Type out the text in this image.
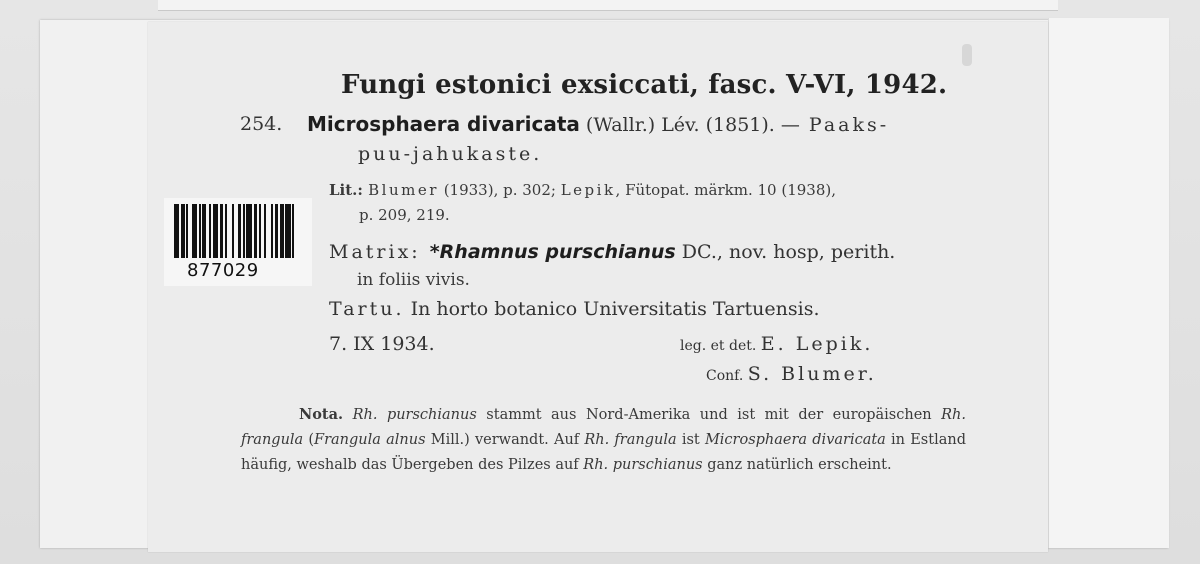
Fungi estonici exsiccati, fasc. V-VI, 1942.
254. Microsphaera divaricata (Wallr.) Lév. (1851). — Paaks-
puu-jahukaste.
Lit.: Blumer (1933), p. 302; Lepik, Fütopat. märkm. 10 (1938),
p. 209, 219.
Matrix: *Rhamnus purschianus DC., nov. hosp, perith.
in foliis vivis.
Tartu. In horto botanico Universitatis Tartuensis.
7. IX 1934.	leg. et det. E. Lepik.
Conf. S. Blumer.
Nota. Rh. purschianus stammt aus Nord-Amerika und ist mit der europäischen Rh. frangula (Frangula alnus Mill.) verwandt. Auf Rh. frangula ist Microsphaera divaricata in Estland häufig, weshalb das Übergeben des Pilzes auf Rh. purschianus ganz natürlich erscheint.
877029
